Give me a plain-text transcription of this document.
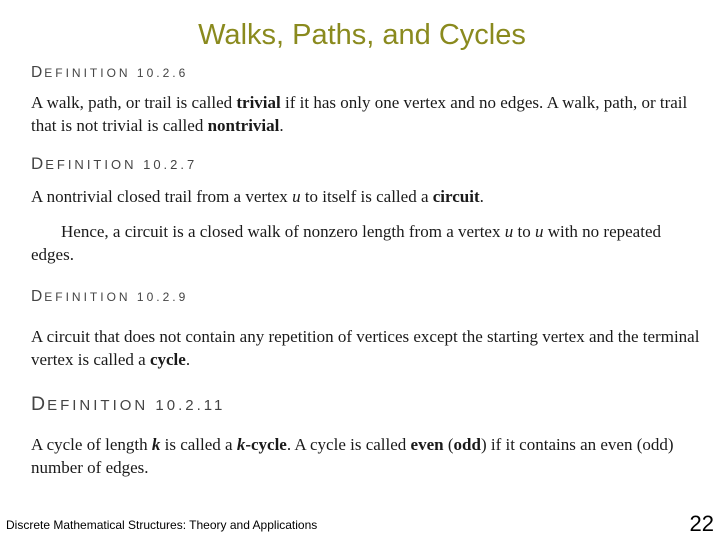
Walks, Paths, and Cycles
DEFINITION 10.2.6
A walk, path, or trail is called trivial if it has only one vertex and no edges. A walk, path, or trail that is not trivial is called nontrivial.
DEFINITION 10.2.7
A nontrivial closed trail from a vertex u to itself is called a circuit.

Hence, a circuit is a closed walk of nonzero length from a vertex u to u with no repeated edges.

DEFINITION 10.2.9
A circuit that does not contain any repetition of vertices except the starting vertex and the terminal vertex is called a cycle.
DEFINITION 10.2.11
A cycle of length k is called a k-cycle. A cycle is called even (odd) if it contains an even (odd) number of edges.
Discrete Mathematical Structures: Theory and Applications	22
